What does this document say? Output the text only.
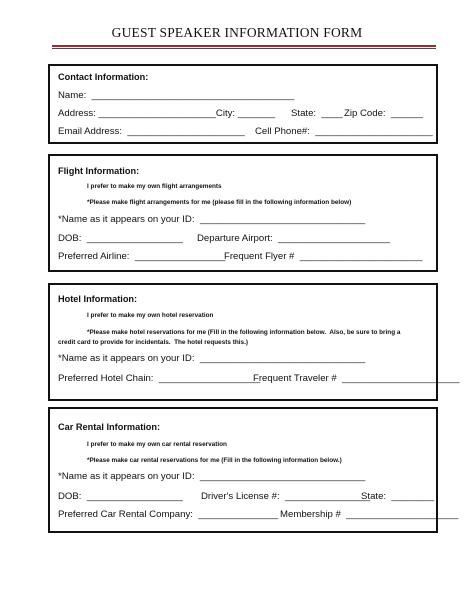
GUEST SPEAKER INFORMATION FORM
Contact Information:
Name:  ______________________________________

Address: ______________________City: _______

State:  ____

Zip Code:  ______

Email Address:  ______________________

Cell Phone#:  ______________________

Flight Information:
I prefer to make my own flight arrangements
*Please make flight arrangements for me (please fill in the following information below)
*Name as it appears on your ID:  _______________________________

DOB:  __________________

Departure Airport:  _____________________

Preferred Airline:  _________________

Frequent Flyer #  _______________________

Hotel Information:
I prefer to make my own hotel reservation
*Please make hotel reservations for me (Fill in the following information below.  Also, be sure to bring a
credit card to provide for incidentals.  The hotel requests this.)
*Name as it appears on your ID:  _______________________________

Preferred Hotel Chain:  ___________________

Frequent Traveler #  ______________________

Car Rental Information:
I prefer to make my own car rental reservation
*Please make car rental reservations for me (Fill in the following information below.)
*Name as it appears on your ID:  _______________________________

DOB:  __________________

Driver's License #:  ________________

State:  ________

Preferred Car Rental Company:  _______________

Membership #  _____________________
